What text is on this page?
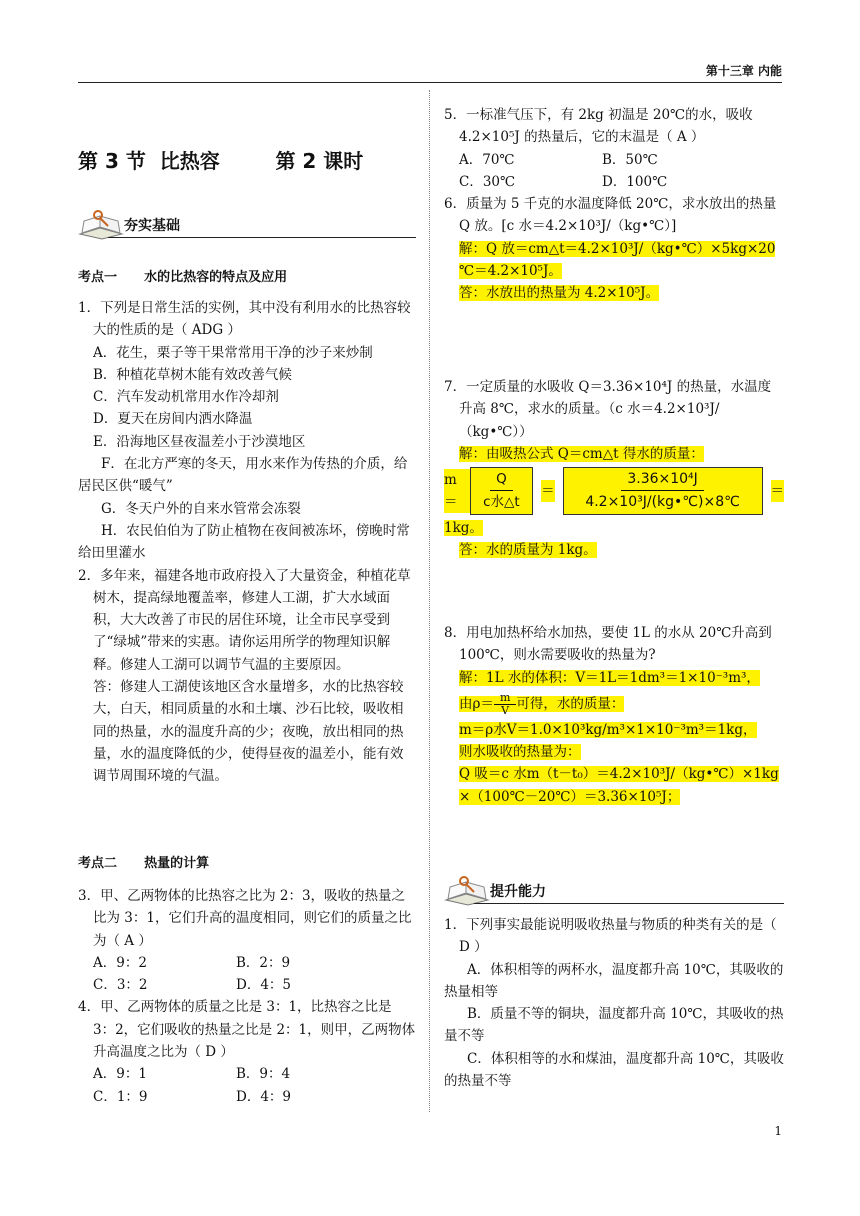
第十三章 内能
第 3 节  比热容        第 2 课时
夯实基础
考点一      水的比热容的特点及应用

1．下列是日常生活的实例，其中没有利用水的比热容较大的性质的是（ ADG ）

A．花生，栗子等干果常常用干净的沙子来炒制

B．种植花草树木能有效改善气候

C．汽车发动机常用水作冷却剂

D．夏天在房间内洒水降温

E．沿海地区昼夜温差小于沙漠地区

F．在北方严寒的冬天，用水来作为传热的介质，给居民区供“暖气”

G．冬天户外的自来水管常会冻裂

H．农民伯伯为了防止植物在夜间被冻坏，傍晚时常给田里灌水

2．多年来，福建各地市政府投入了大量资金，种植花草树木，提高绿地覆盖率，修建人工湖，扩大水域面积，大大改善了市民的居住环境，让全市民享受到了“绿城”带来的实惠。请你运用所学的物理知识解释。修建人工湖可以调节气温的主要原因。

答：修建人工湖使该地区含水量增多，水的比热容较大，白天，相同质量的水和土壤、沙石比较，吸收相同的热量，水的温度升高的少；夜晚，放出相同的热量，水的温度降低的少，使得昼夜的温差小，能有效调节周围环境的气温。

考点二      热量的计算

3．甲、乙两物体的比热容之比为 2：3，吸收的热量之比为 3：1，它们升高的温度相同，则它们的质量之比为（ A ）

A．9：2	B．2：9
C．3：2	D．4：5

4．甲、乙两物体的质量之比是 3：1，比热容之比是 3：2，它们吸收的热量之比是 2：1，则甲，乙两物体升高温度之比为（ D ）

A．9：1	B．9：4
C．1：9	D．4：9

5．一标准气压下，有 2kg 初温是 20℃的水，吸收

4.2×10⁵J 的热量后，它的末温是（ A ）

A．70℃	B．50℃
C．30℃	D．100℃

6．质量为 5 千克的水温度降低 20℃，求水放出的热量 Q 放。[c 水＝4.2×10³J/（kg•℃）]

解：Q 放＝cm△t＝4.2×10³J/（kg•℃）×5kg×20

℃＝4.2×10⁵J。

答：水放出的热量为 4.2×10⁵J。

7．一定质量的水吸收 Q＝3.36×10⁴J 的热量，水温度升高 8℃，求水的质量。（c 水＝4.2×10³J/（kg•℃））

解：由吸热公式 Q＝cm△t 得水的质量：

m＝	$\frac{Q}{\text{c水△t}} = \frac{\text{3.36×10⁴J}}{\text{4.2×10³J/(kg•℃)×8℃}}$ ＝

1kg。

答：水的质量为 1kg。

8．用电加热杯给水加热，要使 1L 的水从 20℃升高到 100℃，则水需要吸收的热量为?

解：1L 水的体积：V＝1L＝1dm³＝1×10⁻³m³，

由$\rho= \frac{m}{V}$ 可得，水的质量：

m＝ρ水V＝1.0×10³kg/m³×1×10⁻³m³＝1kg，

则水吸收的热量为：

Q 吸＝c 水m（t－t₀）＝4.2×10³J/（kg•℃）×1kg

×（100℃－20℃）＝3.36×10⁵J；

提升能力

1．下列事实最能说明吸收热量与物质的种类有关的是（ D ）

A．体积相等的两杯水，温度都升高 10℃，其吸收的热量相等

B．质量不等的铜块，温度都升高 10℃，其吸收的热量不等

C．体积相等的水和煤油，温度都升高 10℃，其吸收的热量不等

1
